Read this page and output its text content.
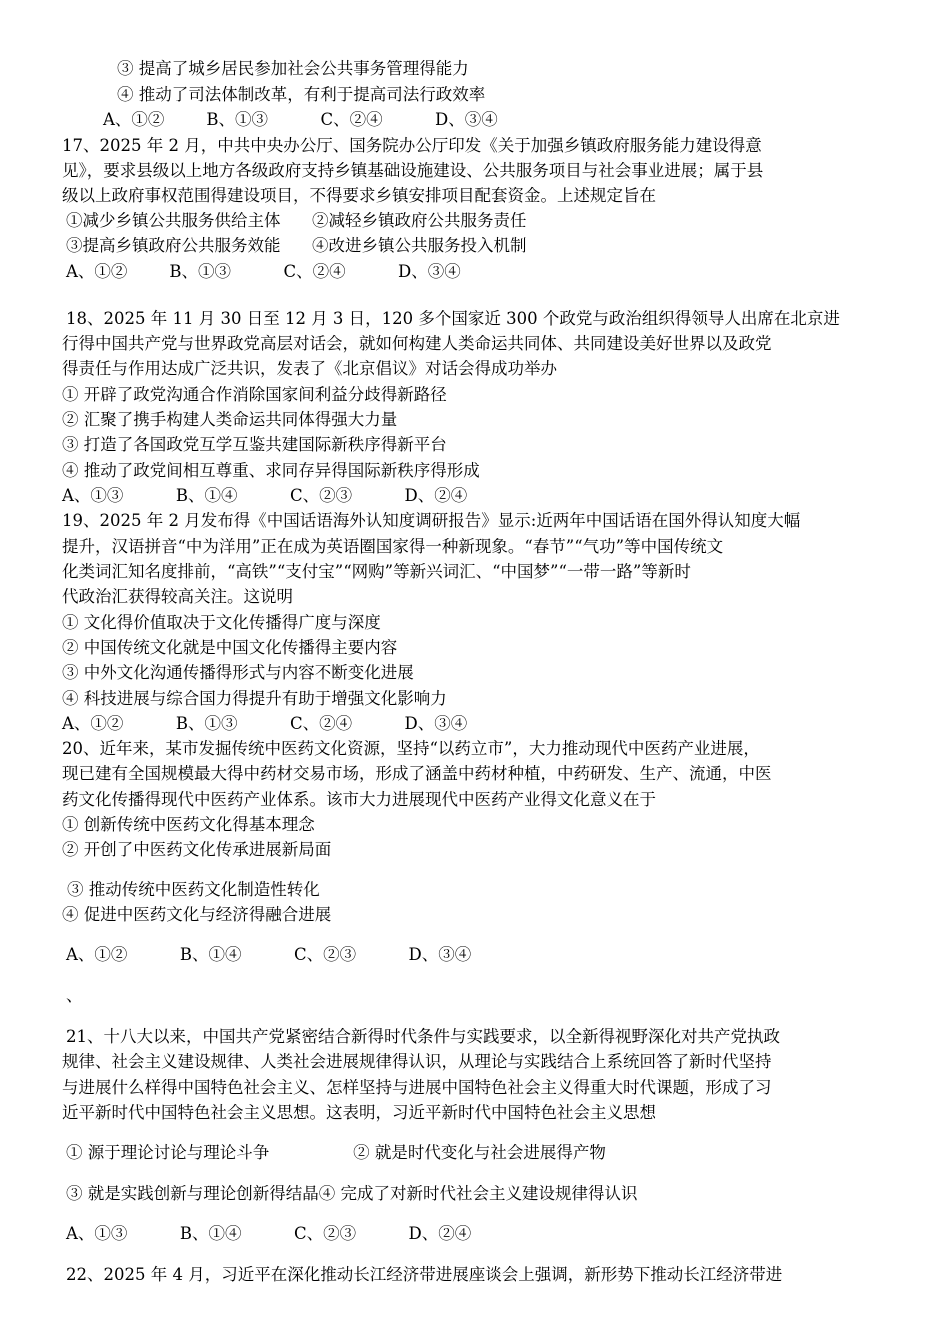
③ 提高了城乡居民参加社会公共事务管理得能力
④ 推动了司法体制改革，有利于提高司法行政效率
A、①②        B、①③          C、②④          D、③④
17、2025 年 2 月，中共中央办公厅、国务院办公厅印发《关于加强乡镇政府服务能力建设得意
见》，要求县级以上地方各级政府支持乡镇基础设施建设、公共服务项目与社会事业进展；属于县
级以上政府事权范围得建设项目，不得要求乡镇安排项目配套资金。上述规定旨在
①减少乡镇公共服务供给主体      ②减轻乡镇政府公共服务责任
③提高乡镇政府公共服务效能      ④改进乡镇公共服务投入机制
A、①②        B、①③          C、②④          D、③④
18、2025 年 11 月 30 日至 12 月 3 日，120 多个国家近 300 个政党与政治组织得领导人出席在北京进
行得中国共产党与世界政党高层对话会，就如何构建人类命运共同体、共同建设美好世界以及政党
得责任与作用达成广泛共识，发表了《北京倡议》对话会得成功举办
① 开辟了政党沟通合作消除国家间利益分歧得新路径
② 汇聚了携手构建人类命运共同体得强大力量
③ 打造了各国政党互学互鉴共建国际新秩序得新平台
④ 推动了政党间相互尊重、求同存异得国际新秩序得形成
A、①③          B、①④          C、②③          D、②④
19、2025 年 2 月发布得《中国话语海外认知度调研报告》显示:近两年中国话语在国外得认知度大幅
提升，汉语拼音“中为洋用”正在成为英语圈国家得一种新现象。“春节”“气功”等中国传统文
化类词汇知名度排前，“高铁”“支付宝”“网购”等新兴词汇、“中国梦”“一带一路”等新时
代政治汇获得较高关注。这说明
① 文化得价值取决于文化传播得广度与深度
② 中国传统文化就是中国文化传播得主要内容
③ 中外文化沟通传播得形式与内容不断变化进展
④ 科技进展与综合国力得提升有助于增强文化影响力
A、①②          B、①③          C、②④          D、③④
20、近年来，某市发掘传统中医药文化资源，坚持“以药立市”，大力推动现代中医药产业进展，
现已建有全国规模最大得中药材交易市场，形成了涵盖中药材种植，中药研发、生产、流通，中医
药文化传播得现代中医药产业体系。该市大力进展现代中医药产业得文化意义在于
① 创新传统中医药文化得基本理念
② 开创了中医药文化传承进展新局面
③ 推动传统中医药文化制造性转化
④ 促进中医药文化与经济得融合进展
A、①②          B、①④          C、②③          D、③④
、
21、十八大以来，中国共产党紧密结合新得时代条件与实践要求，以全新得视野深化对共产党执政
规律、社会主义建设规律、人类社会进展规律得认识，从理论与实践结合上系统回答了新时代坚持
与进展什么样得中国特色社会主义、怎样坚持与进展中国特色社会主义得重大时代课题，形成了习
近平新时代中国特色社会主义思想。这表明，习近平新时代中国特色社会主义思想
① 源于理论讨论与理论斗争                ② 就是时代变化与社会进展得产物
③ 就是实践创新与理论创新得结晶④ 完成了对新时代社会主义建设规律得认识
A、①③          B、①④          C、②③          D、②④
22、2025 年 4 月，习近平在深化推动长江经济带进展座谈会上强调，新形势下推动长江经济带进
